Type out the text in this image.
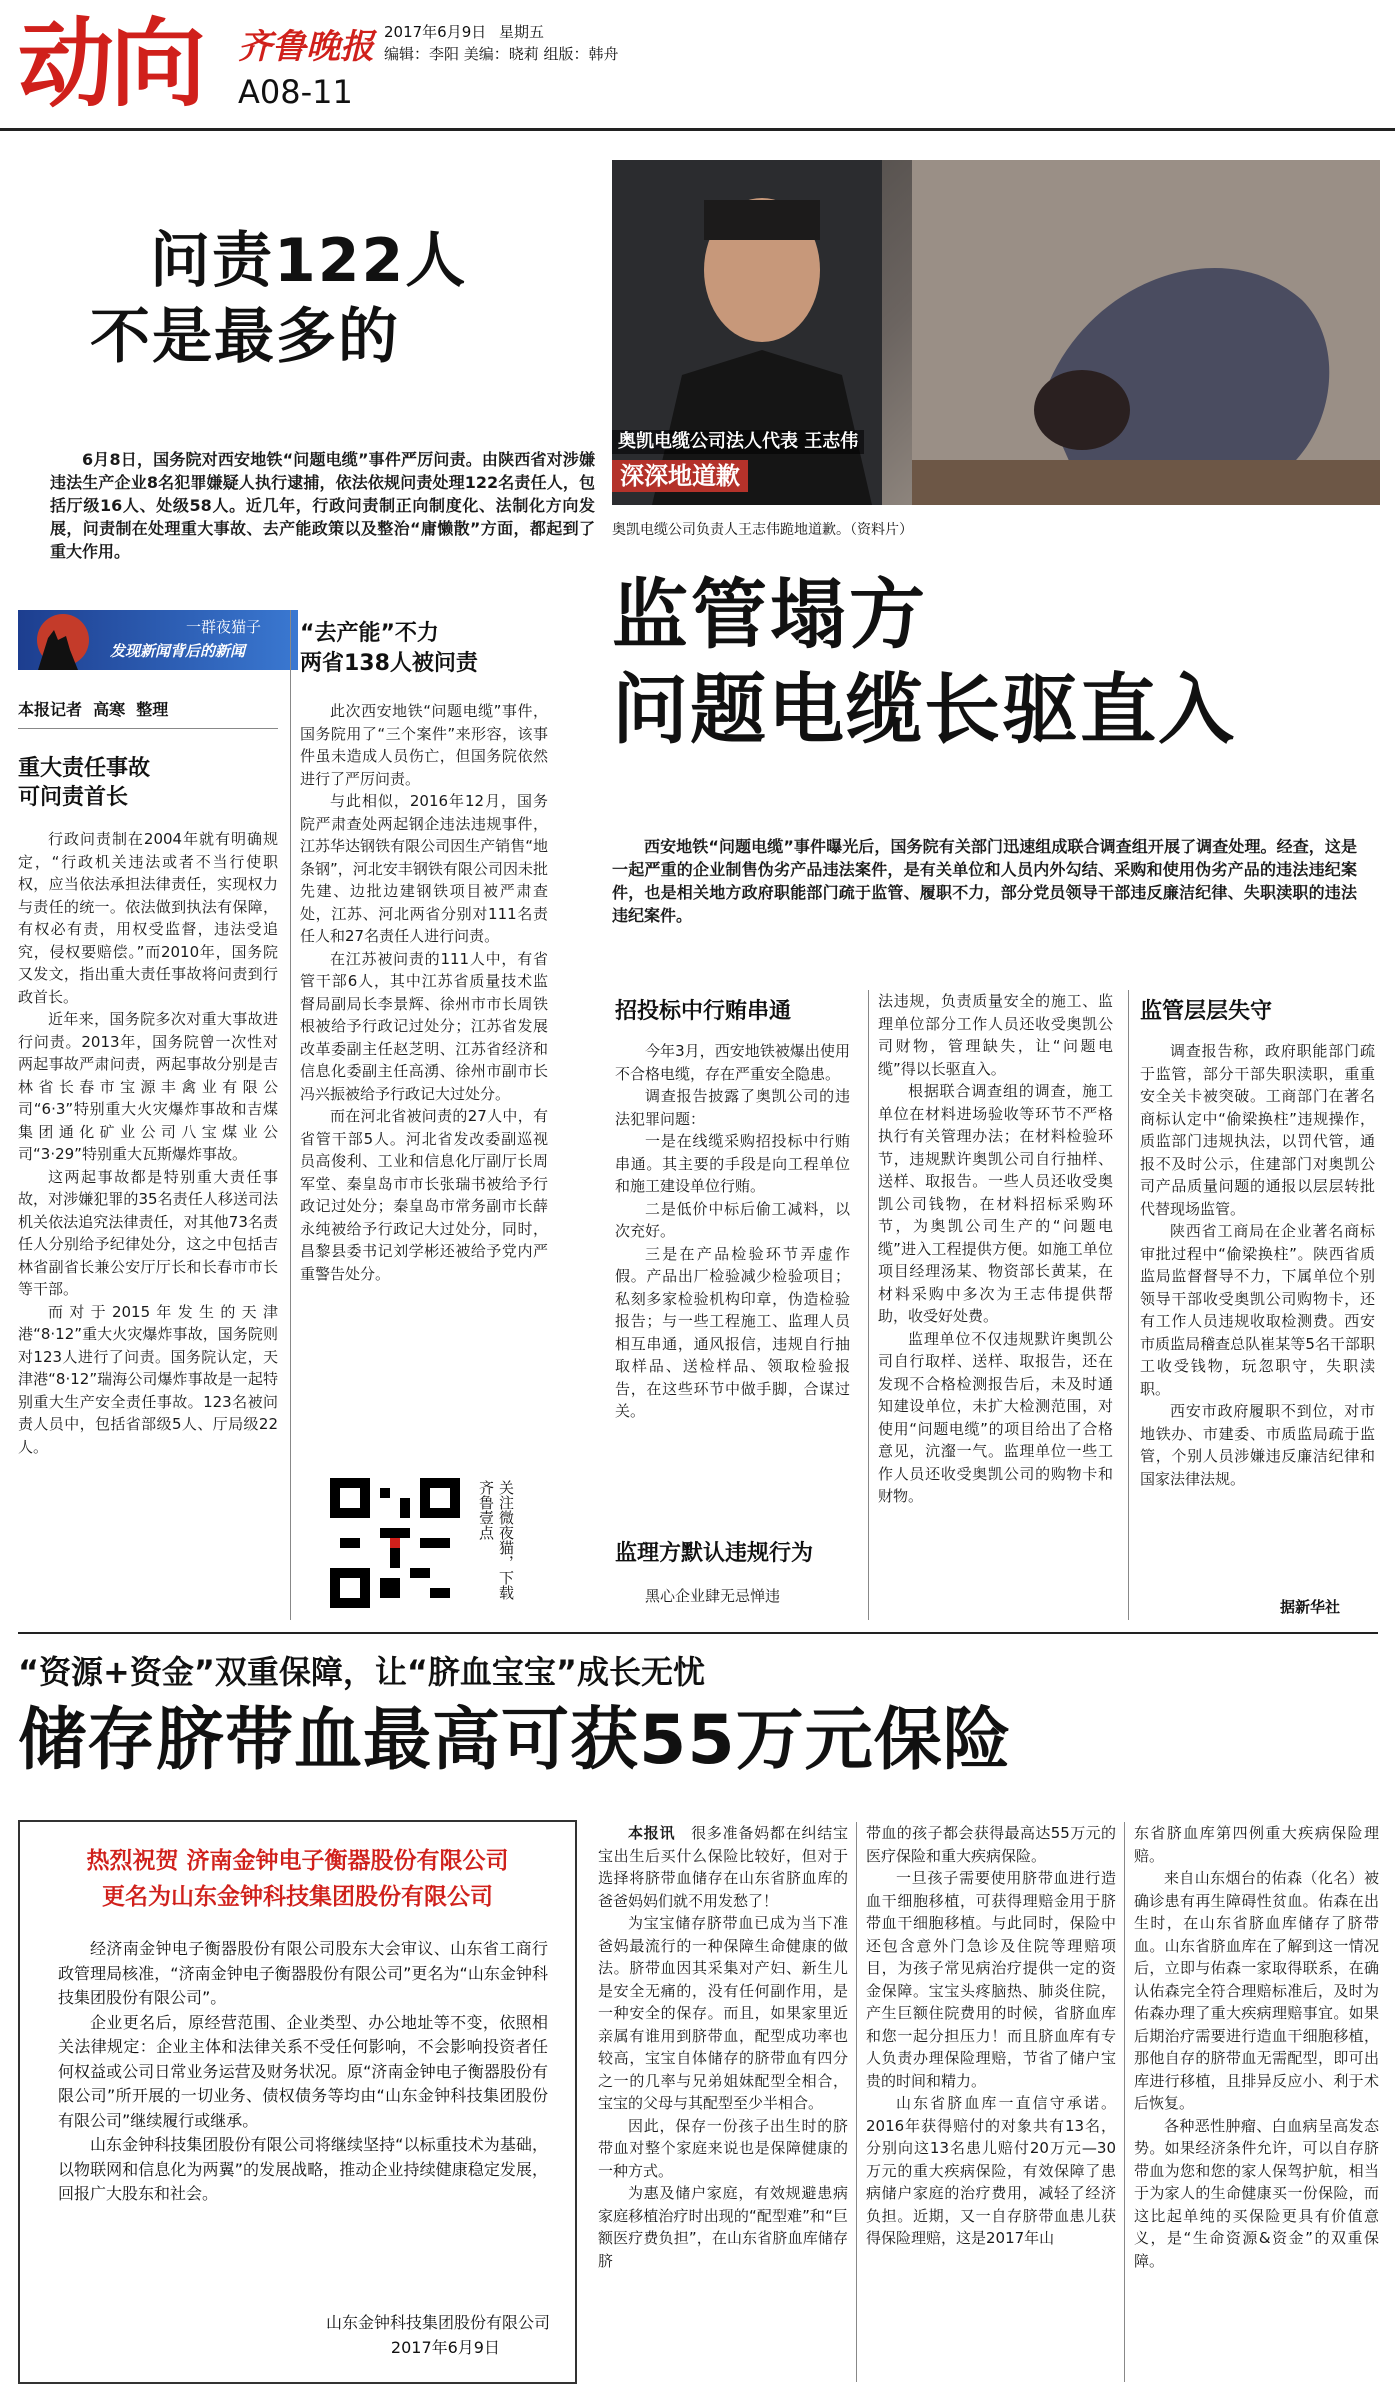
动向 齐鲁晚报 2017年6月9日 星期五
编辑：李阳 美编：晓莉 组版：韩舟
A08-11
问责122人
不是最多的

6月8日，国务院对西安地铁“问题电缆”事件严厉问责。由陕西省对涉嫌违法生产企业8名犯罪嫌疑人执行逮捕，依法依规问责处理122名责任人，包括厅级16人、处级58人。近几年，行政问责制正向制度化、法制化方向发展，问责制在处理重大事故、去产能政策以及整治“庸懒散”方面，都起到了重大作用。

一群夜猫子
发现新闻背后的新闻
本报记者  高寒  整理
重大责任事故
可问责首长

行政问责制在2004年就有明确规定，“行政机关违法或者不当行使职权，应当依法承担法律责任，实现权力与责任的统一。依法做到执法有保障，有权必有责，用权受监督，违法受追究，侵权要赔偿。”而2010年，国务院又发文，指出重大责任事故将问责到行政首长。

近年来，国务院多次对重大事故进行问责。2013年，国务院曾一次性对两起事故严肃问责，两起事故分别是吉林省长春市宝源丰禽业有限公司“6·3”特别重大火灾爆炸事故和吉煤集团通化矿业公司八宝煤业公司“3·29”特别重大瓦斯爆炸事故。

这两起事故都是特别重大责任事故，对涉嫌犯罪的35名责任人移送司法机关依法追究法律责任，对其他73名责任人分别给予纪律处分，这之中包括吉林省副省长兼公安厅厅长和长春市市长等干部。

而对于2015年发生的天津港“8·12”重大火灾爆炸事故，国务院则对123人进行了问责。国务院认定，天津港“8·12”瑞海公司爆炸事故是一起特别重大生产安全责任事故。123名被问责人员中，包括省部级5人、厅局级22人。

“去产能”不力
两省138人被问责

此次西安地铁“问题电缆”事件，国务院用了“三个案件”来形容，该事件虽未造成人员伤亡，但国务院依然进行了严厉问责。

与此相似，2016年12月，国务院严肃查处两起钢企违法违规事件，江苏华达钢铁有限公司因生产销售“地条钢”，河北安丰钢铁有限公司因未批先建、边批边建钢铁项目被严肃查处，江苏、河北两省分别对111名责任人和27名责任人进行问责。

在江苏被问责的111人中，有省管干部6人，其中江苏省质量技术监督局副局长李景辉、徐州市市长周铁根被给予行政记过处分；江苏省发展改革委副主任赵芝明、江苏省经济和信息化委副主任高湧、徐州市副市长冯兴振被给予行政记大过处分。

而在河北省被问责的27人中，有省管干部5人。河北省发改委副巡视员高俊利、工业和信息化厅副厅长周军堂、秦皇岛市市长张瑞书被给予行政记过处分；秦皇岛市常务副市长薛永纯被给予行政记大过处分，同时，昌黎县委书记刘学彬还被给予党内严重警告处分。

关注微夜猫，下载齐鲁壹点
奥凯电缆公司法人代表 王志伟
深深地道歉
奥凯电缆公司负责人王志伟跪地道歉。（资料片）
监管塌方
问题电缆长驱直入

西安地铁“问题电缆”事件曝光后，国务院有关部门迅速组成联合调查组开展了调查处理。经查，这是一起严重的企业制售伪劣产品违法案件，是有关单位和人员内外勾结、采购和使用伪劣产品的违法违纪案件，也是相关地方政府职能部门疏于监管、履职不力，部分党员领导干部违反廉洁纪律、失职渎职的违法违纪案件。

招投标中行贿串通

今年3月，西安地铁被爆出使用不合格电缆，存在严重安全隐患。

调查报告披露了奥凯公司的违法犯罪问题：

一是在线缆采购招投标中行贿串通。其主要的手段是向工程单位和施工建设单位行贿。

二是低价中标后偷工减料，以次充好。

三是在产品检验环节弄虚作假。产品出厂检验减少检验项目；私刻多家检验机构印章，伪造检验报告；与一些工程施工、监理人员相互串通，通风报信，违规自行抽取样品、送检样品、领取检验报告，在这些环节中做手脚，合谋过关。

监理方默认违规行为

黑心企业肆无忌惮违

法违规，负责质量安全的施工、监理单位部分工作人员还收受奥凯公司财物，管理缺失，让“问题电缆”得以长驱直入。

根据联合调查组的调查，施工单位在材料进场验收等环节不严格执行有关管理办法；在材料检验环节，违规默许奥凯公司自行抽样、送样、取报告。一些人员还收受奥凯公司钱物，在材料招标采购环节，为奥凯公司生产的“问题电缆”进入工程提供方便。如施工单位项目经理汤某、物资部长黄某，在材料采购中多次为王志伟提供帮助，收受好处费。

监理单位不仅违规默许奥凯公司自行取样、送样、取报告，还在发现不合格检测报告后，未及时通知建设单位，未扩大检测范围，对使用“问题电缆”的项目给出了合格意见，沆瀣一气。监理单位一些工作人员还收受奥凯公司的购物卡和财物。

监管层层失守

调查报告称，政府职能部门疏于监管，部分干部失职渎职，重重安全关卡被突破。工商部门在著名商标认定中“偷梁换柱”违规操作，质监部门违规执法，以罚代管，通报不及时公示，住建部门对奥凯公司产品质量问题的通报以层层转批代替现场监管。

陕西省工商局在企业著名商标审批过程中“偷梁换柱”。陕西省质监局监督督导不力，下属单位个别领导干部收受奥凯公司购物卡，还有工作人员违规收取检测费。西安市质监局稽查总队崔某等5名干部职工收受钱物，玩忽职守，失职渎职。

西安市政府履职不到位，对市地铁办、市建委、市质监局疏于监管，个别人员涉嫌违反廉洁纪律和国家法律法规。

据新华社
“资源+资金”双重保障，让“脐血宝宝”成长无忧
储存脐带血最高可获55万元保险
热烈祝贺 济南金钟电子衡器股份有限公司
更名为山东金钟科技集团股份有限公司

经济南金钟电子衡器股份有限公司股东大会审议、山东省工商行政管理局核准，“济南金钟电子衡器股份有限公司”更名为“山东金钟科技集团股份有限公司”。

企业更名后，原经营范围、企业类型、办公地址等不变，依照相关法律规定：企业主体和法律关系不受任何影响，不会影响投资者任何权益或公司日常业务运营及财务状况。原“济南金钟电子衡器股份有限公司”所开展的一切业务、债权债务等均由“山东金钟科技集团股份有限公司”继续履行或继承。

山东金钟科技集团股份有限公司将继续坚持“以标重技术为基础，以物联网和信息化为两翼”的发展战略，推动企业持续健康稳定发展，回报广大股东和社会。

山东金钟科技集团股份有限公司
2017年6月9日

本报讯　 很多准备妈都在纠结宝宝出生后买什么保险比较好，但对于选择将脐带血储存在山东省脐血库的爸爸妈妈们就不用发愁了！

为宝宝储存脐带血已成为当下准爸妈最流行的一种保障生命健康的做法。脐带血因其采集对产妇、新生儿是安全无痛的，没有任何副作用，是一种安全的保存。而且，如果家里近亲属有谁用到脐带血，配型成功率也较高，宝宝自体储存的脐带血有四分之一的几率与兄弟姐妹配型全相合，宝宝的父母与其配型至少半相合。

因此，保存一份孩子出生时的脐带血对整个家庭来说也是保障健康的一种方式。

为惠及储户家庭，有效规避患病家庭移植治疗时出现的“配型难”和“巨额医疗费负担”，在山东省脐血库储存脐

带血的孩子都会获得最高达55万元的医疗保险和重大疾病保险。

一旦孩子需要使用脐带血进行造血干细胞移植，可获得理赔金用于脐带血干细胞移植。与此同时，保险中还包含意外门急诊及住院等理赔项目，为孩子常见病治疗提供一定的资金保障。宝宝头疼脑热、肺炎住院，产生巨额住院费用的时候，省脐血库和您一起分担压力！而且脐血库有专人负责办理保险理赔，节省了储户宝贵的时间和精力。

山东省脐血库一直信守承诺。2016年获得赔付的对象共有13名，分别向这13名患儿赔付20万元—30万元的重大疾病保险，有效保障了患病储户家庭的治疗费用，减轻了经济负担。近期，又一自存脐带血患儿获得保险理赔，这是2017年山

东省脐血库第四例重大疾病保险理赔。

来自山东烟台的佑森（化名）被确诊患有再生障碍性贫血。佑森在出生时，在山东省脐血库储存了脐带血。山东省脐血库在了解到这一情况后，立即与佑森一家取得联系，在确认佑森完全符合理赔标准后，及时为佑森办理了重大疾病理赔事宜。如果后期治疗需要进行造血干细胞移植，那他自存的脐带血无需配型，即可出库进行移植，且排异反应小、利于术后恢复。

各种恶性肿瘤、白血病呈高发态势。如果经济条件允许，可以自存脐带血为您和您的家人保驾护航，相当于为家人的生命健康买一份保险，而这比起单纯的买保险更具有价值意义，是“生命资源&资金”的双重保障。
